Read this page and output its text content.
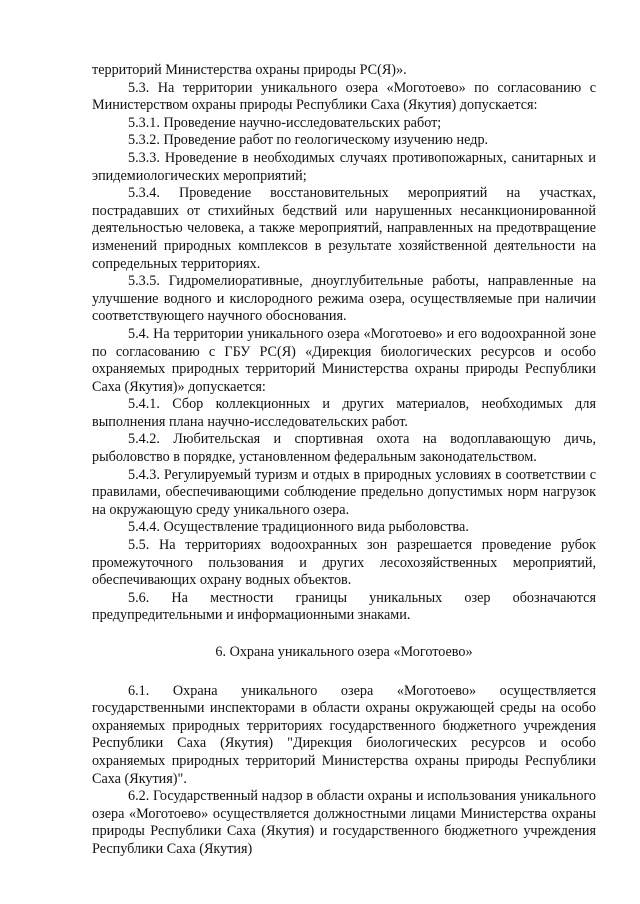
территорий Министерства охраны природы РС(Я)».

5.3. На территории уникального озера «Моготоево» по согласованию с Министерством охраны природы Республики Саха (Якутия) допускается:

5.3.1. Проведение научно-исследовательских работ;

5.3.2. Проведение работ по геологическому изучению недр.

5.3.3. Нроведение в необходимых случаях противопожарных, санитарных и эпидемиологических мероприятий;

5.3.4. Проведение восстановительных мероприятий на участках, пострадавших от стихийных бедствий или нарушенных несанкционированной деятельностью человека, а также мероприятий, направленных на предотвращение изменений природных комплексов в результате хозяйственной деятельности на сопредельных территориях.

5.3.5. Гидромелиоративные, дноуглубительные работы, направленные на улучшение водного и кислородного режима озера, осуществляемые при наличии соответствующего научного обоснования.

5.4. На территории уникального озера «Моготоево» и его водоохранной зоне по согласованию с ГБУ РС(Я) «Дирекция биологических ресурсов и особо охраняемых природных территорий Министерства охраны природы Республики Саха (Якутия)» допускается:

5.4.1. Сбор коллекционных и других материалов, необходимых для выполнения плана научно-исследовательских работ.

5.4.2. Любительская и спортивная охота на водоплавающую дичь, рыболовство в порядке, установленном федеральным законодательством.

5.4.3. Регулируемый туризм и отдых в природных условиях в соответствии с правилами, обеспечивающими соблюдение предельно допустимых норм нагрузок на окружающую среду уникального озера.

5.4.4. Осуществление традиционного вида рыболовства.

5.5. На территориях водоохранных зон разрешается проведение рубок промежуточного пользования и других лесохозяйственных мероприятий, обеспечивающих охрану водных объектов.

5.6. На местности границы уникальных озер обозначаются предупредительными и информационными знаками.

6. Охрана уникального озера «Моготоево»

6.1. Охрана уникального озера «Моготоево» осуществляется государственными инспекторами в области охраны окружающей среды на особо охраняемых природных территориях государственного бюджетного учреждения Республики Саха (Якутия) "Дирекция биологических ресурсов и особо охраняемых природных территорий Министерства охраны природы Республики Саха (Якутия)".

6.2. Государственный надзор в области охраны и использования уникального озера «Моготоево» осуществляется должностными лицами Министерства охраны природы Республики Саха (Якутия) и государственного бюджетного учреждения Республики Саха (Якутия)
